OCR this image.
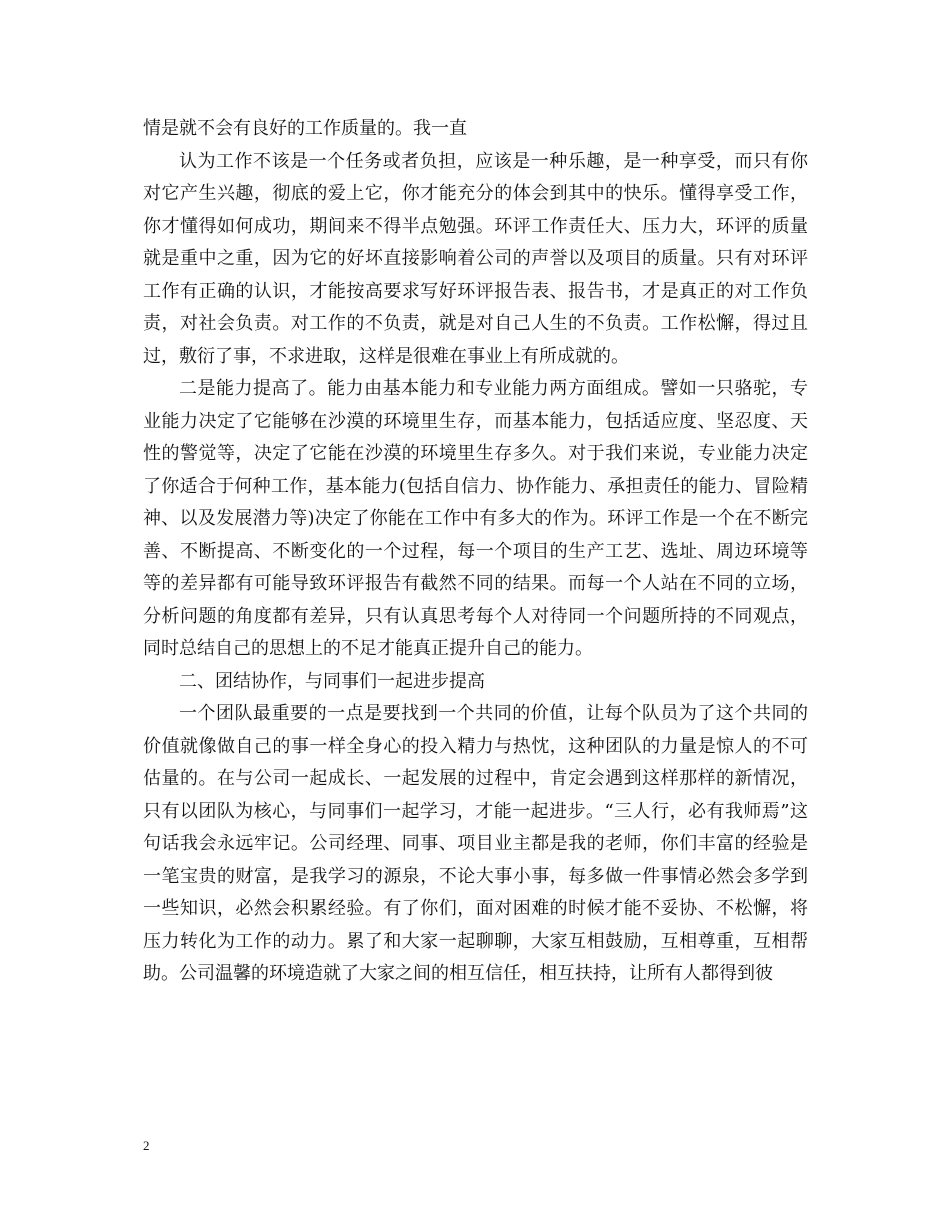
情是就不会有良好的工作质量的。我一直

认为工作不该是一个任务或者负担，应该是一种乐趣，是一种享受，而只有你对它产生兴趣，彻底的爱上它，你才能充分的体会到其中的快乐。懂得享受工作，你才懂得如何成功，期间来不得半点勉强。环评工作责任大、压力大，环评的质量就是重中之重，因为它的好坏直接影响着公司的声誉以及项目的质量。只有对环评工作有正确的认识，才能按高要求写好环评报告表、报告书，才是真正的对工作负责，对社会负责。对工作的不负责，就是对自己人生的不负责。工作松懈，得过且过，敷衍了事，不求进取，这样是很难在事业上有所成就的。

二是能力提高了。能力由基本能力和专业能力两方面组成。譬如一只骆驼，专业能力决定了它能够在沙漠的环境里生存，而基本能力，包括适应度、坚忍度、天性的警觉等，决定了它能在沙漠的环境里生存多久。对于我们来说，专业能力决定了你适合于何种工作，基本能力(包括自信力、协作能力、承担责任的能力、冒险精神、以及发展潜力等)决定了你能在工作中有多大的作为。环评工作是一个在不断完善、不断提高、不断变化的一个过程，每一个项目的生产工艺、选址、周边环境等等的差异都有可能导致环评报告有截然不同的结果。而每一个人站在不同的立场，分析问题的角度都有差异，只有认真思考每个人对待同一个问题所持的不同观点，同时总结自己的思想上的不足才能真正提升自己的能力。

二、团结协作，与同事们一起进步提高

一个团队最重要的一点是要找到一个共同的价值，让每个队员为了这个共同的价值就像做自己的事一样全身心的投入精力与热忱，这种团队的力量是惊人的不可估量的。在与公司一起成长、一起发展的过程中，肯定会遇到这样那样的新情况，只有以团队为核心，与同事们一起学习，才能一起进步。“三人行，必有我师焉”这句话我会永远牢记。公司经理、同事、项目业主都是我的老师，你们丰富的经验是一笔宝贵的财富，是我学习的源泉，不论大事小事，每多做一件事情必然会多学到一些知识，必然会积累经验。有了你们，面对困难的时候才能不妥协、不松懈，将压力转化为工作的动力。累了和大家一起聊聊，大家互相鼓励，互相尊重，互相帮助。公司温馨的环境造就了大家之间的相互信任，相互扶持，让所有人都得到彼

2
